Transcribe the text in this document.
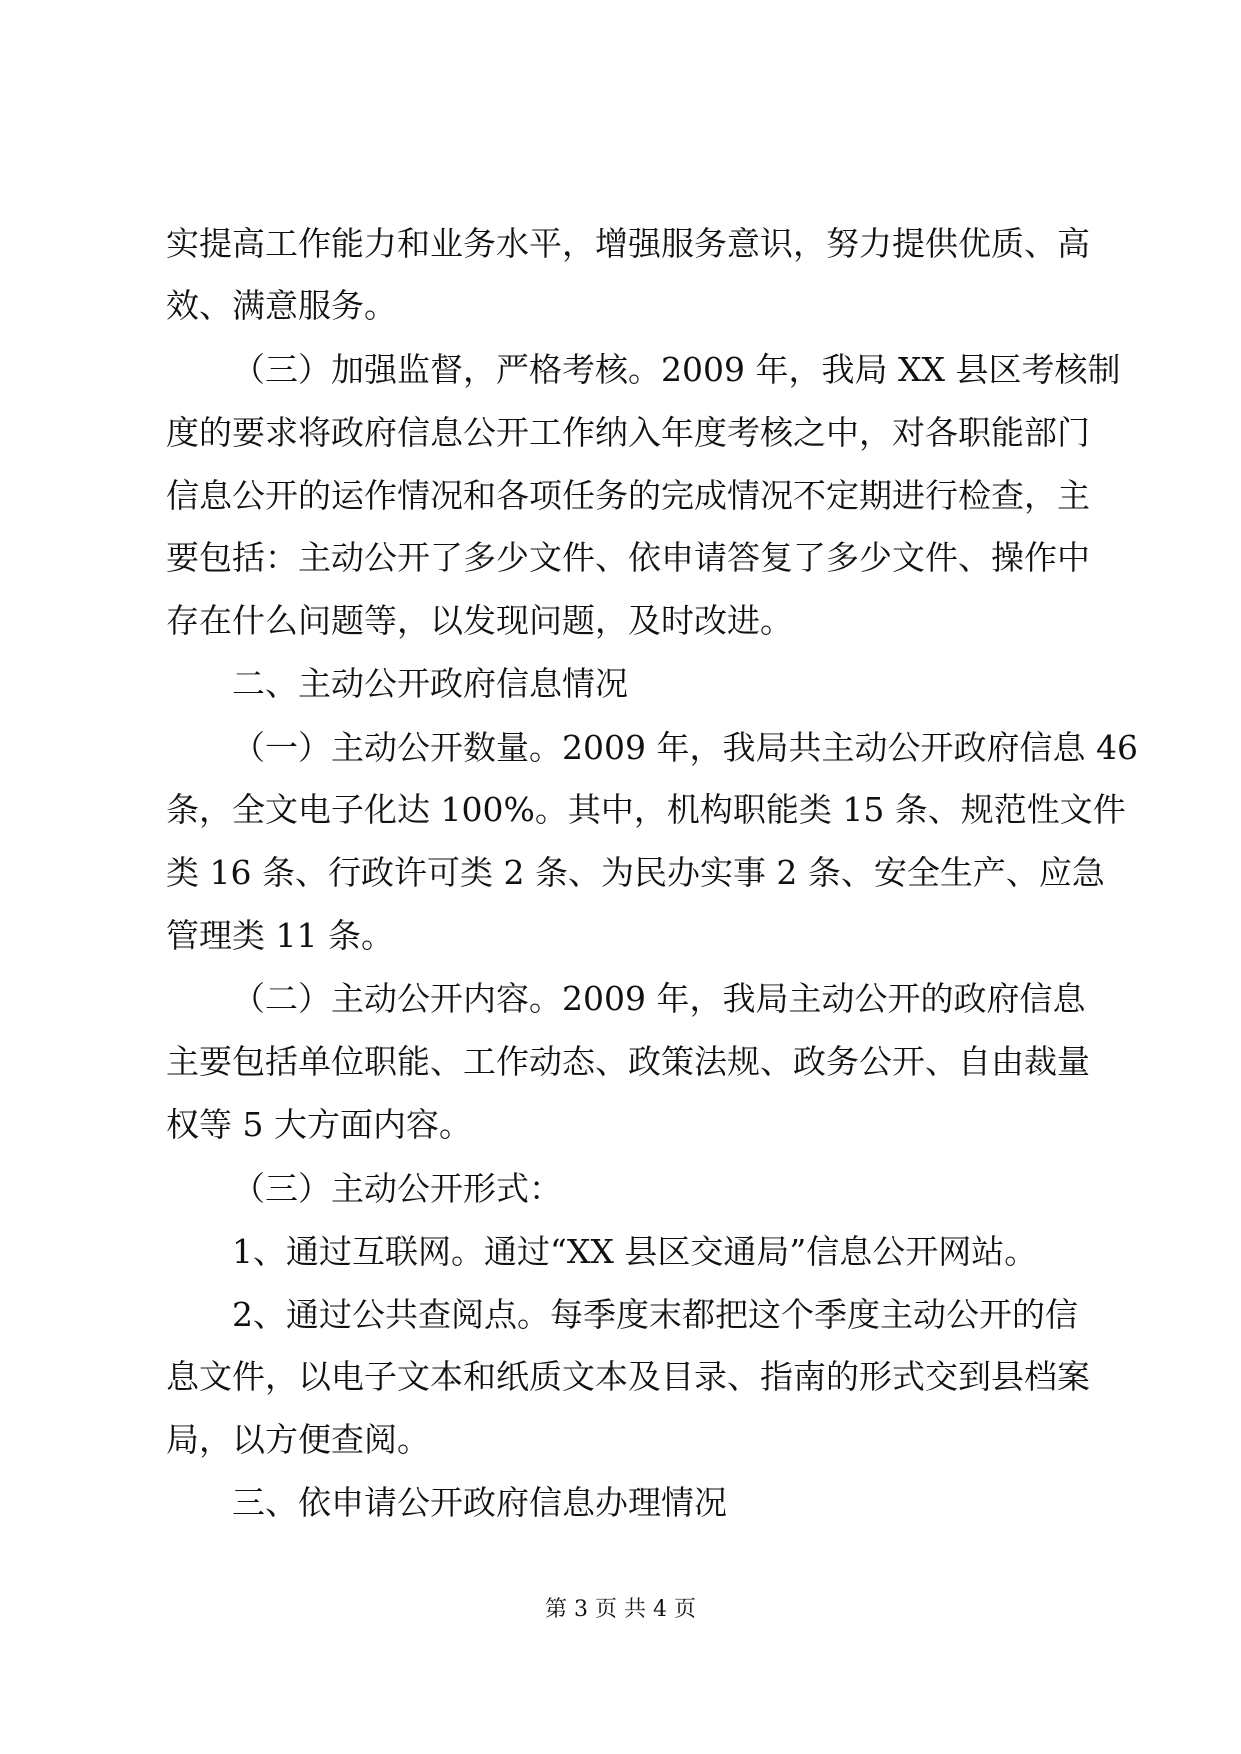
实提高工作能力和业务水平，增强服务意识，努力提供优质、高
效、满意服务。
（三）加强监督，严格考核。2009 年，我局 XX 县区考核制
度的要求将政府信息公开工作纳入年度考核之中，对各职能部门
信息公开的运作情况和各项任务的完成情况不定期进行检查，主
要包括：主动公开了多少文件、依申请答复了多少文件、操作中
存在什么问题等，以发现问题，及时改进。
二、主动公开政府信息情况
（一）主动公开数量。2009 年，我局共主动公开政府信息 46
条，全文电子化达 100%。其中，机构职能类 15 条、规范性文件
类 16 条、行政许可类 2 条、为民办实事 2 条、安全生产、应急
管理类 11 条。
（二）主动公开内容。2009 年，我局主动公开的政府信息
主要包括单位职能、工作动态、政策法规、政务公开、自由裁量
权等 5 大方面内容。
（三）主动公开形式：
1、通过互联网。通过“XX 县区交通局”信息公开网站。
2、通过公共查阅点。每季度末都把这个季度主动公开的信
息文件，以电子文本和纸质文本及目录、指南的形式交到县档案
局，以方便查阅。
三、依申请公开政府信息办理情况
第 3 页 共 4 页
